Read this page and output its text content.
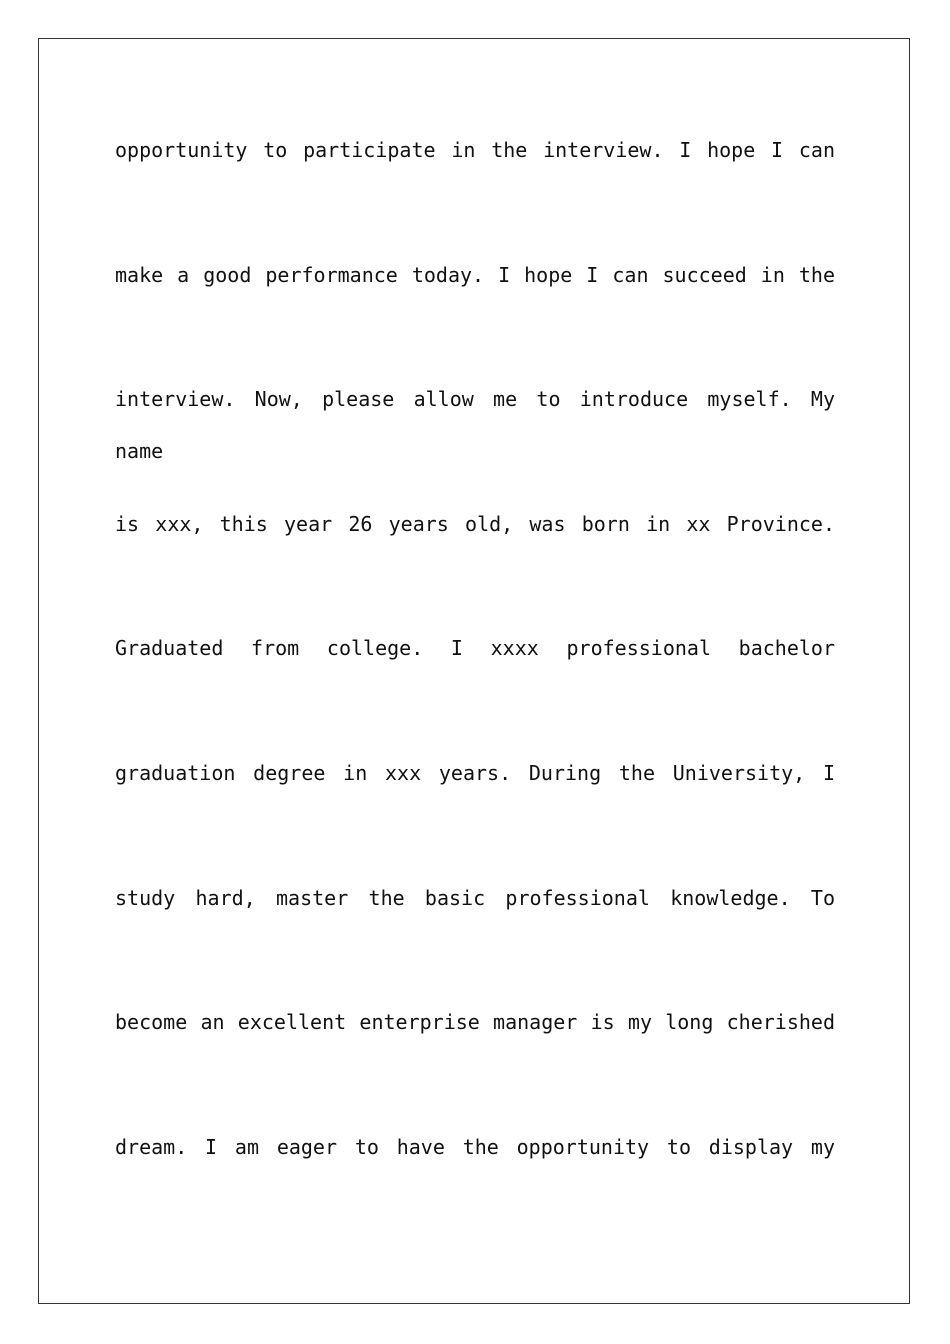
opportunity to participate in the interview. I hope I can
make a good performance today. I hope I can succeed in the
interview. Now, please allow me to introduce myself. My name
is xxx, this year 26 years old, was born in xx Province.
Graduated from college. I xxxx professional bachelor
graduation degree in xxx years. During the University, I
study hard, master the basic professional knowledge. To
become an excellent enterprise manager is my long cherished
dream. I am eager to have the opportunity to display my
